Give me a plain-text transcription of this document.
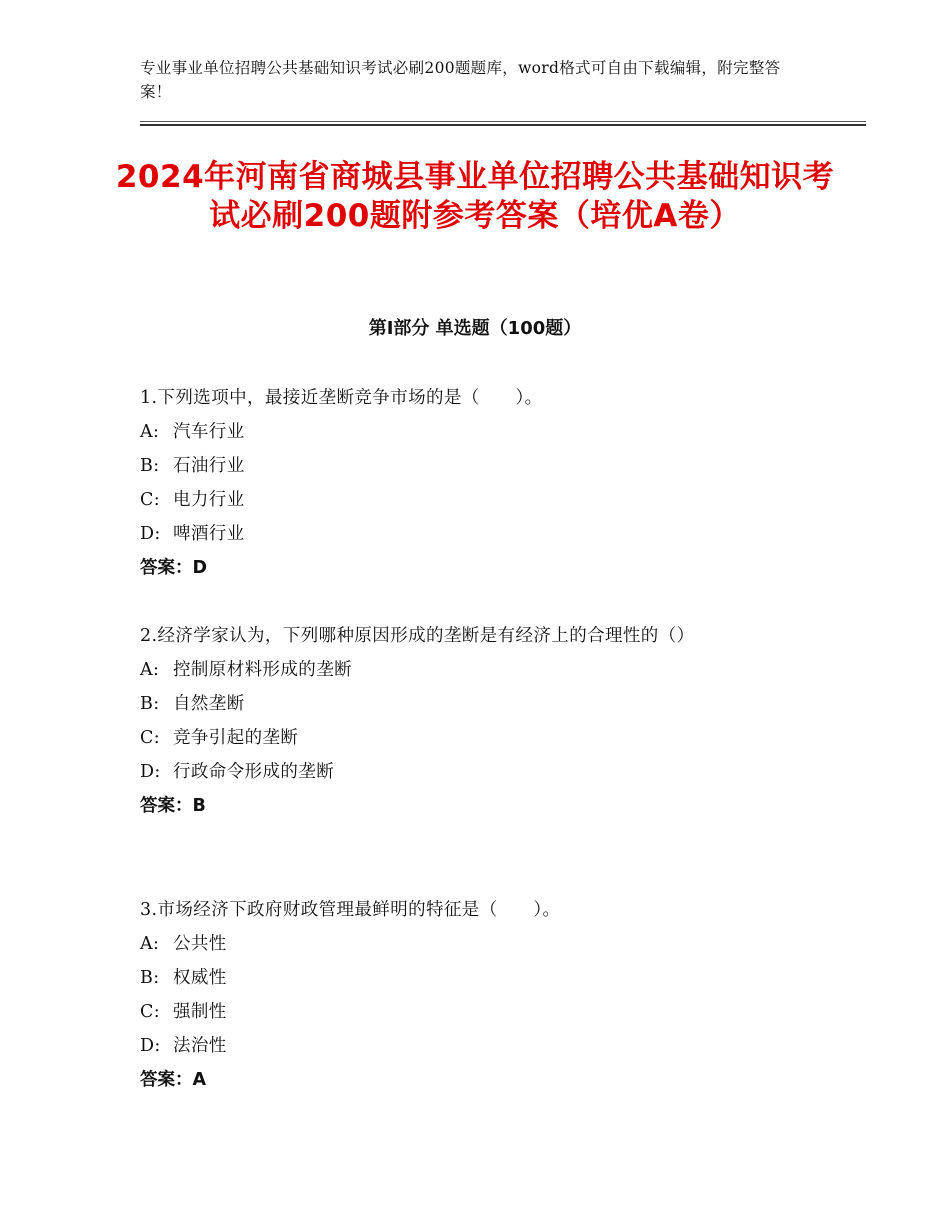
专业事业单位招聘公共基础知识考试必刷200题题库，word格式可自由下载编辑，附完整答案！
2024年河南省商城县事业单位招聘公共基础知识考试必刷200题附参考答案（培优A卷）
第Ⅰ部分 单选题（100题）
1.下列选项中，最接近垄断竞争市场的是（　　）。
A: 汽车行业
B: 石油行业
C: 电力行业
D: 啤酒行业
答案：D
2.经济学家认为，下列哪种原因形成的垄断是有经济上的合理性的（）
A: 控制原材料形成的垄断
B: 自然垄断
C: 竞争引起的垄断
D: 行政命令形成的垄断
答案：B
3.市场经济下政府财政管理最鲜明的特征是（　　）。
A: 公共性
B: 权威性
C: 强制性
D: 法治性
答案：A
